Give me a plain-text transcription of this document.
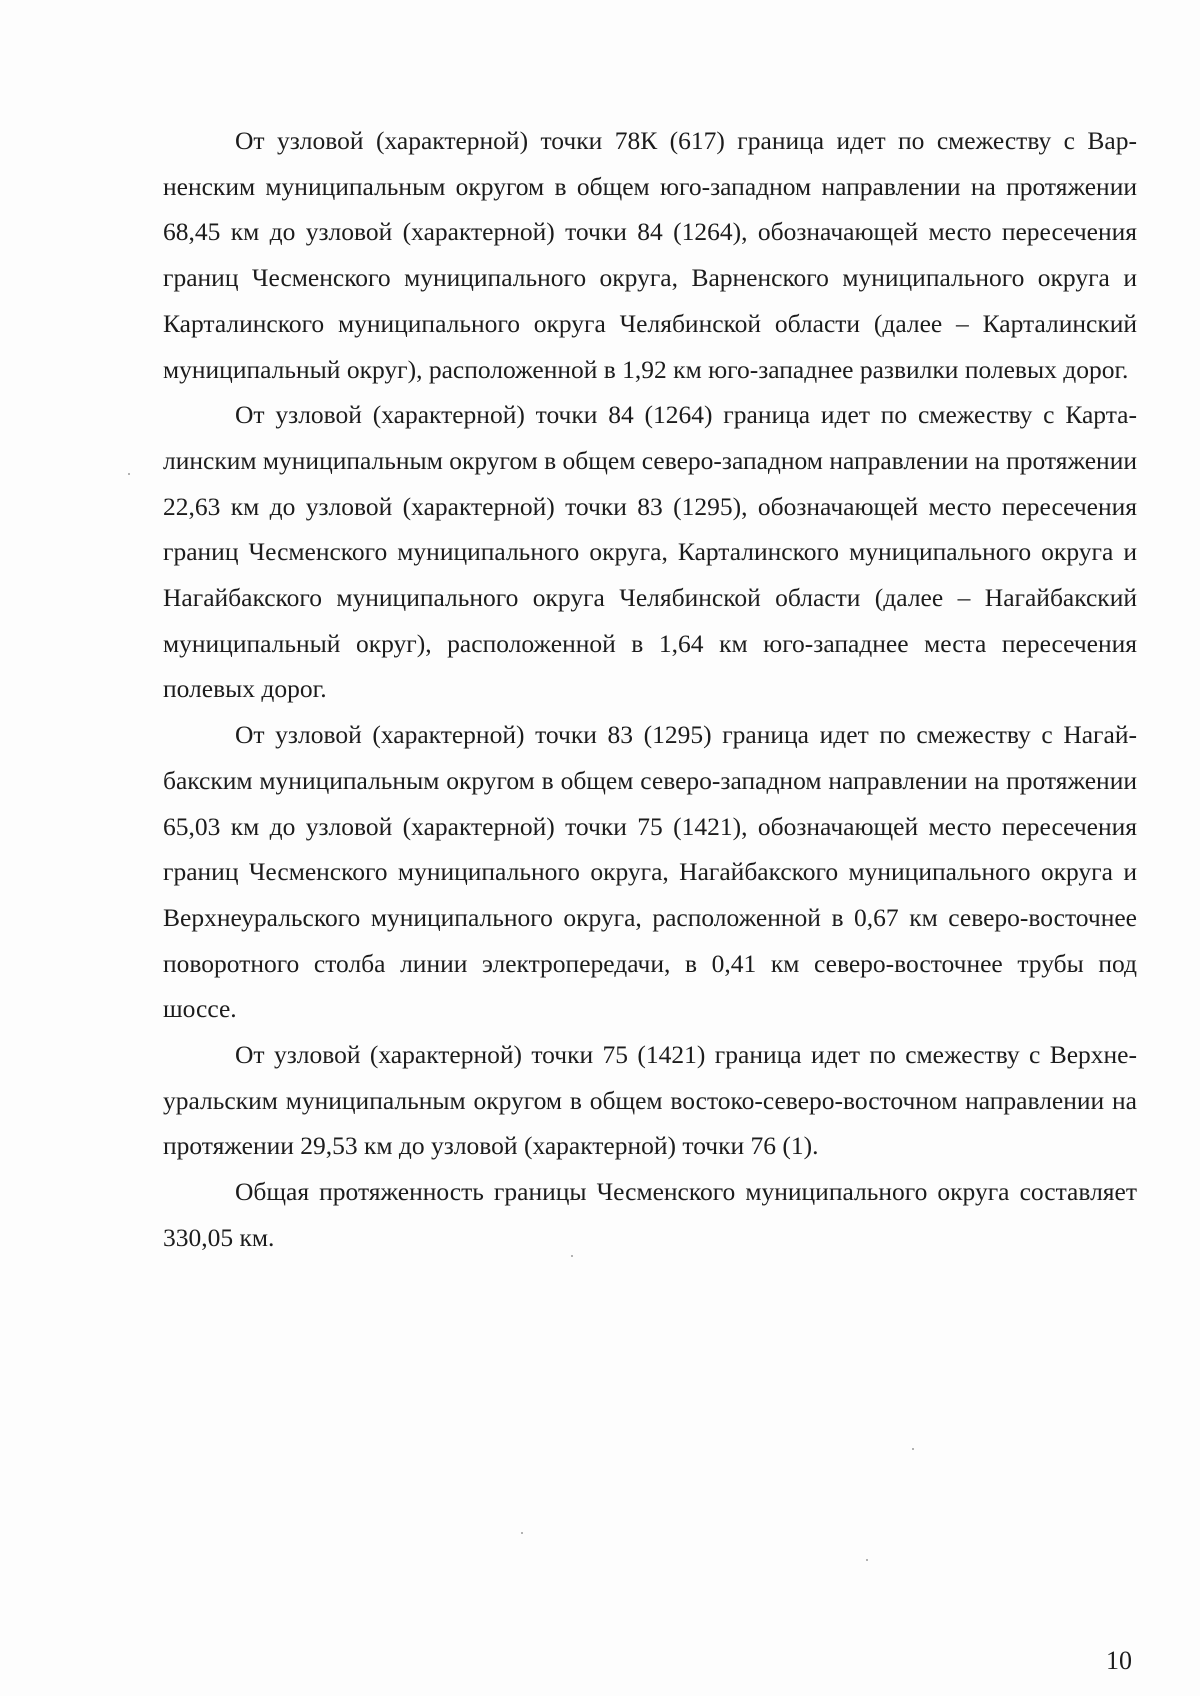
От узловой (характерной) точки 78К (617) граница идет по смежеству с Варненским муниципальным округом в общем юго-западном направлении на протяжении 68,45 км до узловой (характерной) точки 84 (1264), обозначающей место пересечения границ Чесменского муниципального округа, Варненского муниципального округа и Карталинского муниципального округа Челябинской области (далее – Карталинский муниципальный округ), расположенной в 1,92 км юго-западнее развилки полевых дорог.

От узловой (характерной) точки 84 (1264) граница идет по смежеству с Карталинским муниципальным округом в общем северо-западном направлении на протяжении 22,63 км до узловой (характерной) точки 83 (1295), обозначающей место пересечения границ Чесменского муниципального округа, Карталинского муниципального округа и Нагайбакского муниципального округа Челябинской области (далее – Нагайбакский муниципальный округ), расположенной в 1,64 км юго-западнее места пересечения полевых дорог.

От узловой (характерной) точки 83 (1295) граница идет по смежеству с Нагайбакским муниципальным округом в общем северо-западном направлении на протяжении 65,03 км до узловой (характерной) точки 75 (1421), обозначающей место пересечения границ Чесменского муниципального округа, Нагайбакского муниципального округа и Верхнеуральского муниципального округа, расположенной в 0,67 км северо-восточнее поворотного столба линии электропередачи, в 0,41 км северо-восточнее трубы под шоссе.

От узловой (характерной) точки 75 (1421) граница идет по смежеству с Верхнеуральским муниципальным округом в общем востоко-северо-восточном направлении на протяжении 29,53 км до узловой (характерной) точки 76 (1).

Общая протяженность границы Чесменского муниципального округа составляет 330,05 км.

10
